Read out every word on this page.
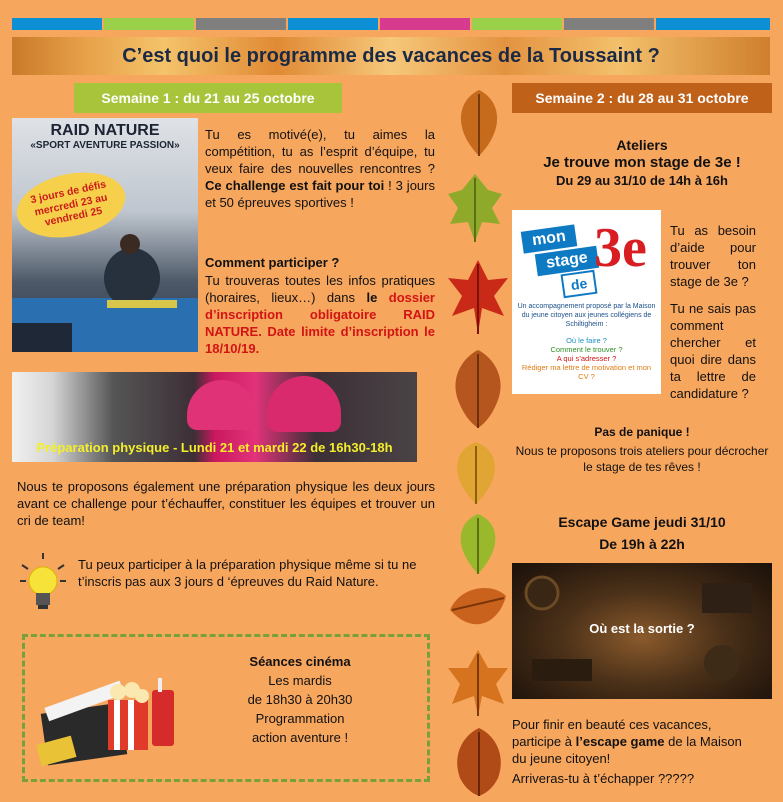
C’est quoi le programme des vacances de la Toussaint ?
Semaine 1 : du 21 au 25 octobre	Semaine 2 : du 28 au 31 octobre
RAID NATURE
«SPORT AVENTURE PASSION»
3 jours de défis mercredi 23 au vendredi 25
Tu es motivé(e), tu aimes la compétition, tu as l’esprit d’équipe, tu veux faire des nouvelles rencontres ? Ce challenge est fait pour toi ! 3 jours et 50 épreuves sportives !
Comment participer ?
Tu trouveras toutes les infos pratiques (horaires, lieux…) dans le dossier d’inscription obligatoire RAID NATURE. Date limite d’inscription le 18/10/19.
Préparation physique - Lundi 21 et mardi 22 de 16h30-18h
Nous te proposons également une préparation physique les deux jours avant ce challenge pour t’échauffer, constituer les équipes et trouver un cri de team!
Tu peux participer à la préparation physique même si tu ne t’inscris pas aux 3 jours d ‘épreuves du Raid Nature.
Séances cinéma
Les mardis
de 18h30 à 20h30
Programmation
action aventure !
Ateliers
Je trouve mon stage de 3e !
Du 29 au 31/10 de 14h à 16h
mon
stage
de
3e
Un accompagnement proposé par la Maison du jeune citoyen aux jeunes collégiens de Schiltigheim :
Où le faire ?
Comment le trouver ?
A qui s’adresser ?
Rédiger ma lettre de motivation et mon CV ?
Tu as besoin d’aide pour trouver ton stage de 3e ?
Tu ne sais pas comment chercher et quoi dire dans ta lettre de candidature ?
Pas de panique !
Nous te proposons trois ateliers pour décrocher le stage de tes rêves !
Escape Game jeudi 31/10
De 19h à 22h
Où est la sortie ?
Pour finir en beauté ces vacances, participe à l’escape game de la Maison du jeune citoyen!
Arriveras-tu à t’échapper ?????
